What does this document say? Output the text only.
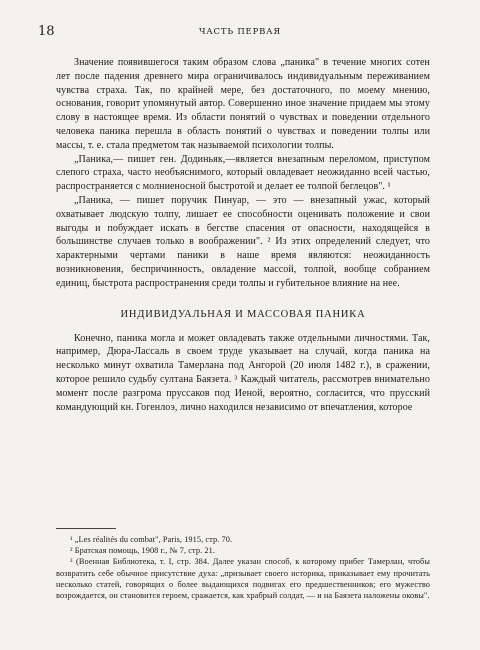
18	ЧАСТЬ ПЕРВАЯ

Значение появившегося таким образом слова „паника" в течение многих сотен лет после падения древнего мира ограничивалось индивидуальным переживанием чувства страха. Так, по крайней мере, без достаточного, по моему мнению, основания, говорит упомянутый автор. Совершенно иное значение придаем мы этому слову в настоящее время. Из области понятий о чувствах и поведении отдельного человека паника перешла в область понятий о чувствах и поведении толпы или массы, т. е. стала предметом так называемой психологии толпы.

„Паника,— пишет ген. Додиньяк,—является внезапным переломом, приступом слепого страха, часто необъяснимого, который овладевает неожиданно всей частью, распространяется с молниеносной быстротой и делает ее толпой беглецов". ¹

„Паника, — пишет поручик Пинуар, — это — внезапный ужас, который охватывает людскую толпу, лишает ее способности оценивать положение и свои выгоды и побуждает искать в бегстве спасения от опасности, находящейся в большинстве случаев только в воображении". ² Из этих определений следует, что характерными чертами паники в наше время являются: неожиданность возникновения, беспричинность, овладение массой, толпой, вообще собранием единиц, быстрота распространения среди толпы и губительное влияние на нее.

ИНДИВИДУАЛЬНАЯ И МАССОВАЯ ПАНИКА

Конечно, паника могла и может овладевать также отдельными личностями. Так, например, Дюра-Лассаль в своем труде указывает на случай, когда паника на несколько минут охватила Тамерлана под Ангорой (20 июля 1482 г.), в сражении, которое решило судьбу султана Баязета. ³ Каждый читатель, рассмотрев внимательно момент после разгрома пруссаков под Иеной, вероятно, согласится, что прусский командующий кн. Гогенлоэ, лично находился независимо от впечатления, которое

¹ „Les réalités du combat", Paris, 1915, стр. 70.

² Братская помощь, 1908 г., № 7, стр. 21.

³ (Военная Библиотека, т. I, стр. 384. Далее указан способ, к которому прибег Тамерлан, чтобы возвратить себе обычное присутствие духа: „призывает своего историка, приказывает ему прочитать несколько статей, говорящих о более выдающихся подвигах его предшественников; его мужество возрождается, он становится героем, сражается, как храбрый солдат, — и на Баязета наложены оковы".
